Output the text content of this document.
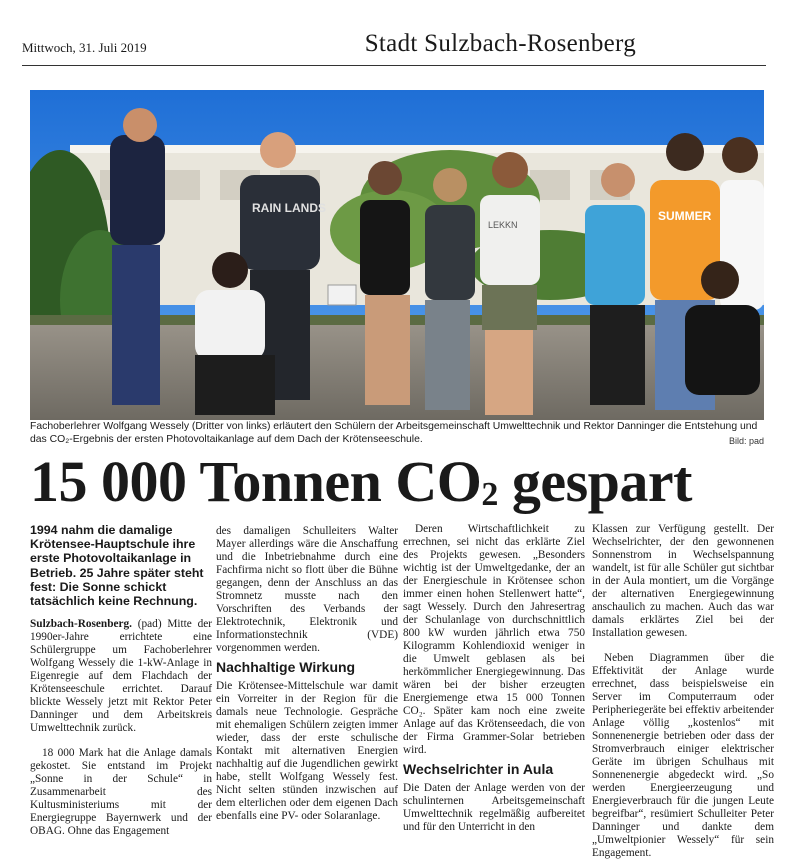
Mittwoch, 31. Juli 2019	Stadt Sulzbach-Rosenberg
RAIN LANDS
LEKKN
SUMMER
Fachoberlehrer Wolfgang Wessely (Dritter von links) erläutert den Schülern der Arbeitsgemeinschaft Umwelttechnik und Rektor Danninger die Entstehung und das CO₂-Ergebnis der ersten Photovoltaikanlage auf dem Dach der Krötenseeschule.	Bild: pad
15 000 Tonnen $CO_2$ gespart
1994 nahm die damalige Krötensee-Hauptschule ihre erste Photovoltaikanlage in Betrieb. 25 Jahre später steht fest: Die Sonne schickt tatsächlich keine Rechnung.

Sulzbach-Rosenberg. (pad) Mitte der 1990er-Jahre errichtete eine Schülergruppe um Fachoberlehrer Wolfgang Wessely die 1-kW-Anlage in Eigenregie auf dem Flachdach der Krötenseeschule errichtet. Darauf blickte Wessely jetzt mit Rektor Peter Danninger und dem Arbeitskreis Umwelttechnik zurück.

18 000 Mark hat die Anlage damals gekostet. Sie entstand im Projekt „Sonne in der Schule“ in Zusammenarbeit des Kultusministeriums mit der Energiegruppe Bayernwerk und der OBAG. Ohne das Engagement

des damaligen Schulleiters Walter Mayer allerdings wäre die Anschaffung und die Inbetriebnahme durch eine Fachfirma nicht so flott über die Bühne gegangen, denn der Anschluss an das Stromnetz musste nach den Vorschriften des Verbands der Elektrotechnik, Elektronik und Informationstechnik (VDE) vorgenommen werden.

Nachhaltige Wirkung

Die Krötensee-Mittelschule war damit ein Vorreiter in der Region für die damals neue Technologie. Gespräche mit ehemaligen Schülern zeigten immer wieder, dass der erste schulische Kontakt mit alternativen Energien nachhaltig auf die Jugendlichen gewirkt habe, stellt Wolfgang Wessely fest. Nicht selten stünden inzwischen auf dem elterlichen oder dem eigenen Dach ebenfalls eine PV- oder Solaranlage.

Deren Wirtschaftlichkeit zu errechnen, sei nicht das erklärte Ziel des Projekts gewesen. „Besonders wichtig ist der Umweltgedanke, der an der Energieschule in Krötensee schon immer einen hohen Stellenwert hatte“, sagt Wessely. Durch den Jahresertrag der Schulanlage von durchschnittlich 800 kW wurden jährlich etwa 750 Kilogramm Kohlendioxid weniger in die Umwelt geblasen als bei herkömmlicher Energiegewinnung. Das wären bei der bisher erzeugten Energiemenge etwa 15 000 Tonnen CO₂. Später kam noch eine zweite Anlage auf das Krötenseedach, die von der Firma Grammer-Solar betrieben wird.

Wechselrichter in Aula

Die Daten der Anlage werden von der schulinternen Arbeitsgemeinschaft Umwelttechnik regelmäßig aufbereitet und für den Unterricht in den

Klassen zur Verfügung gestellt. Der Wechselrichter, der den gewonnenen Sonnenstrom in Wechselspannung wandelt, ist für alle Schüler gut sichtbar in der Aula montiert, um die Vorgänge der alternativen Energiegewinnung anschaulich zu machen. Auch das war damals erklärtes Ziel bei der Installation gewesen.

Neben Diagrammen über die Effektivität der Anlage wurde errechnet, dass beispielsweise ein Server im Computerraum oder Peripheriegeräte bei effektiv arbeitender Anlage völlig „kostenlos“ mit Sonnenenergie betrieben oder dass der Stromverbrauch einiger elektrischer Geräte im übrigen Schulhaus mit Sonnenenergie abgedeckt wird. „So werden Energieerzeugung und Energieverbrauch für die jungen Leute begreifbar“, resümiert Schulleiter Peter Danninger und dankte dem „Umweltpionier Wessely“ für sein Engagement.
